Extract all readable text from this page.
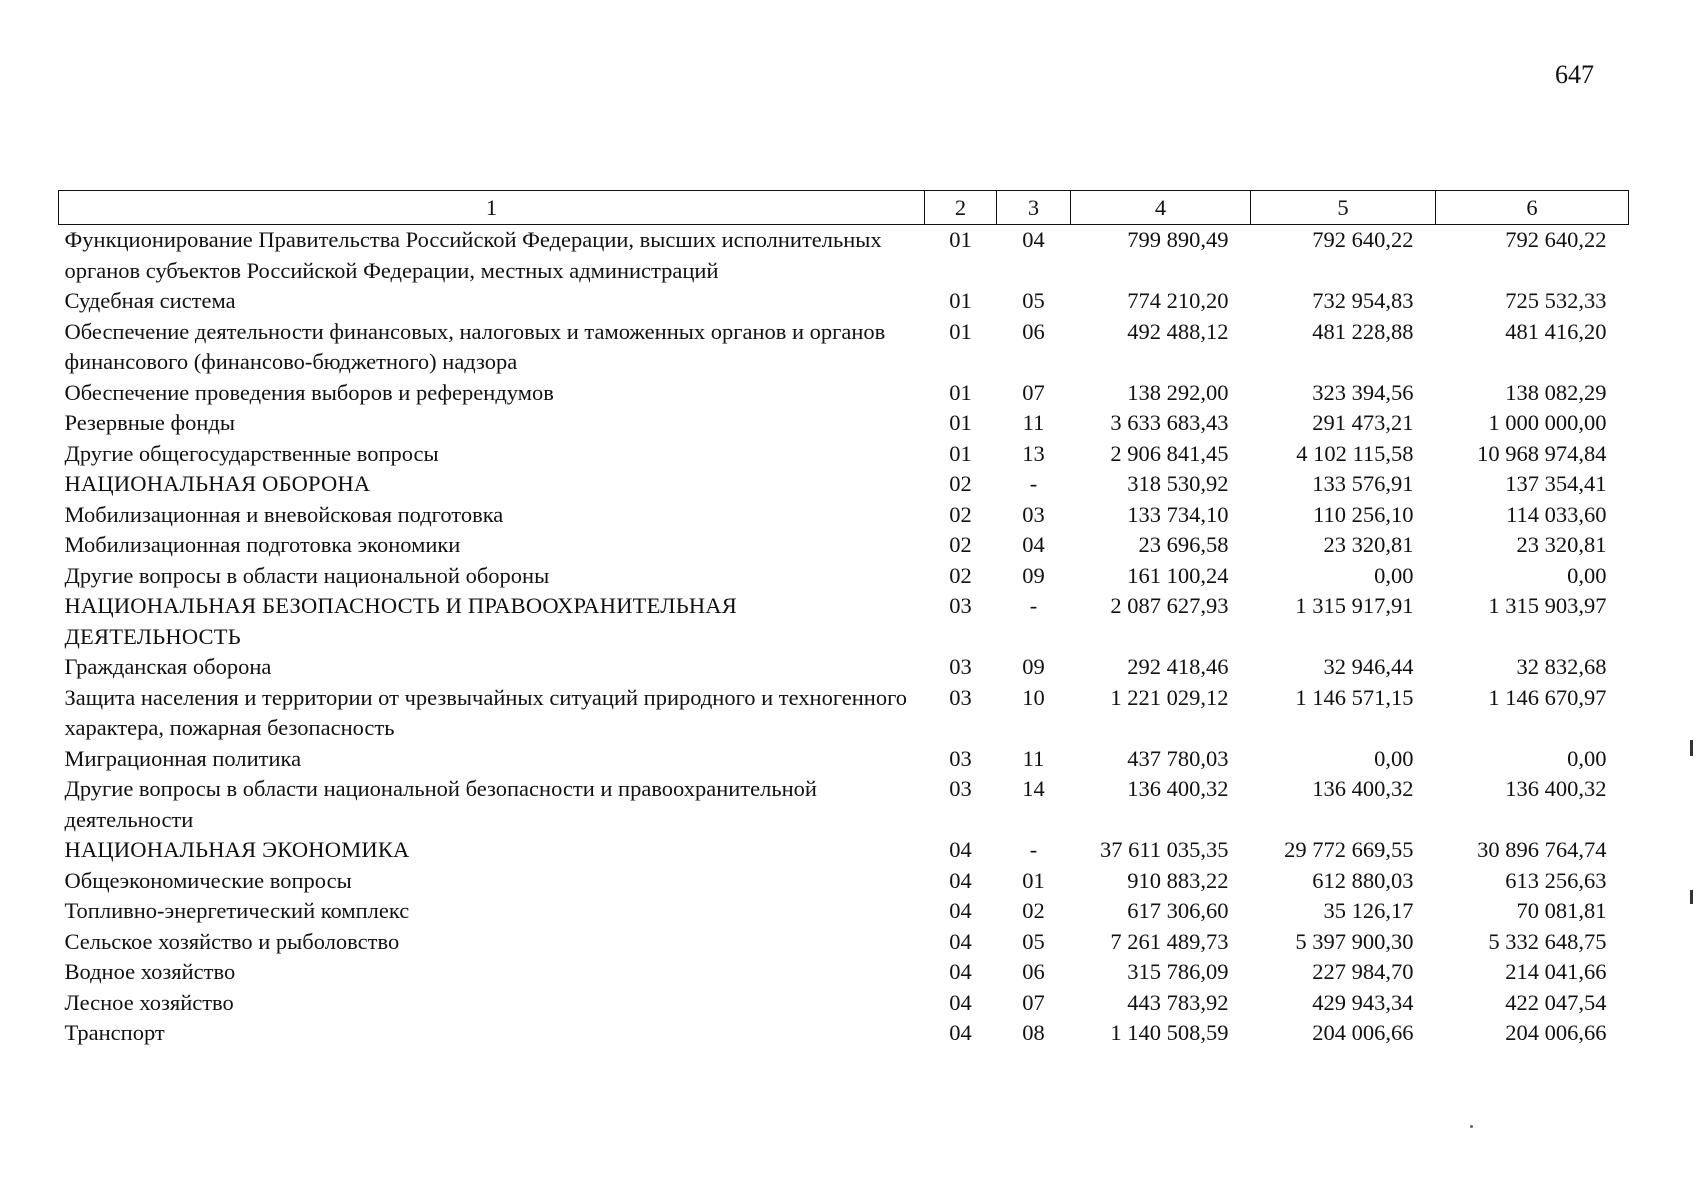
647
1	2	3	4	5	6
Функционирование Правительства Российской Федерации, высших исполнительных органов субъектов Российской Федерации, местных администраций	01	04	799 890,49	792 640,22	792 640,22
Судебная система	01	05	774 210,20	732 954,83	725 532,33
Обеспечение деятельности финансовых, налоговых и таможенных органов и органов финансового (финансово-бюджетного) надзора	01	06	492 488,12	481 228,88	481 416,20
Обеспечение проведения выборов и референдумов	01	07	138 292,00	323 394,56	138 082,29
Резервные фонды	01	11	3 633 683,43	291 473,21	1 000 000,00
Другие общегосударственные вопросы	01	13	2 906 841,45	4 102 115,58	10 968 974,84
НАЦИОНАЛЬНАЯ ОБОРОНА	02	-	318 530,92	133 576,91	137 354,41
Мобилизационная и вневойсковая подготовка	02	03	133 734,10	110 256,10	114 033,60
Мобилизационная подготовка экономики	02	04	23 696,58	23 320,81	23 320,81
Другие вопросы в области национальной обороны	02	09	161 100,24	0,00	0,00
НАЦИОНАЛЬНАЯ БЕЗОПАСНОСТЬ И ПРАВООХРАНИТЕЛЬНАЯ ДЕЯТЕЛЬНОСТЬ	03	-	2 087 627,93	1 315 917,91	1 315 903,97
Гражданская оборона	03	09	292 418,46	32 946,44	32 832,68
Защита населения и территории от чрезвычайных ситуаций природного и техногенного характера, пожарная безопасность	03	10	1 221 029,12	1 146 571,15	1 146 670,97
Миграционная политика	03	11	437 780,03	0,00	0,00
Другие вопросы в области национальной безопасности и правоохранительной деятельности	03	14	136 400,32	136 400,32	136 400,32
НАЦИОНАЛЬНАЯ ЭКОНОМИКА	04	-	37 611 035,35	29 772 669,55	30 896 764,74
Общеэкономические вопросы	04	01	910 883,22	612 880,03	613 256,63
Топливно-энергетический комплекс	04	02	617 306,60	35 126,17	70 081,81
Сельское хозяйство и рыболовство	04	05	7 261 489,73	5 397 900,30	5 332 648,75
Водное хозяйство	04	06	315 786,09	227 984,70	214 041,66
Лесное хозяйство	04	07	443 783,92	429 943,34	422 047,54
Транспорт	04	08	1 140 508,59	204 006,66	204 006,66
